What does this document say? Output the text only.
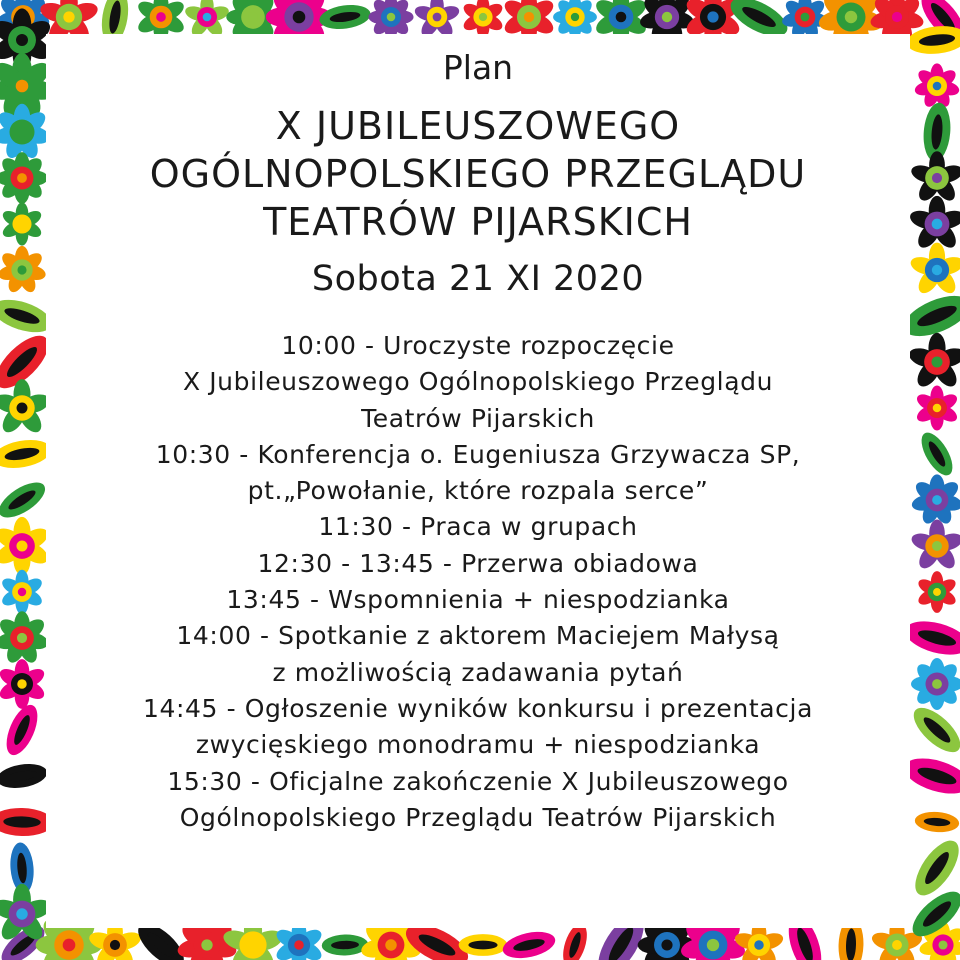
Plan
X JUBILEUSZOWEGO
OGÓLNOPOLSKIEGO PRZEGLĄDU
TEATRÓW PIJARSKICH
Sobota 21 XI 2020
10:00 - Uroczyste rozpoczęcie
X Jubileuszowego Ogólnopolskiego Przeglądu
Teatrów Pijarskich
10:30 - Konferencja o. Eugeniusza Grzywacza SP,
pt.„Powołanie, które rozpala serce”
11:30 - Praca w grupach
12:30 - 13:45 - Przerwa obiadowa
13:45 - Wspomnienia + niespodzianka
14:00 - Spotkanie z aktorem Maciejem Małysą
z możliwością zadawania pytań
14:45 - Ogłoszenie wyników konkursu i prezentacja
zwycięskiego monodramu + niespodzianka
15:30 - Oficjalne zakończenie X Jubileuszowego
Ogólnopolskiego Przeglądu Teatrów Pijarskich
